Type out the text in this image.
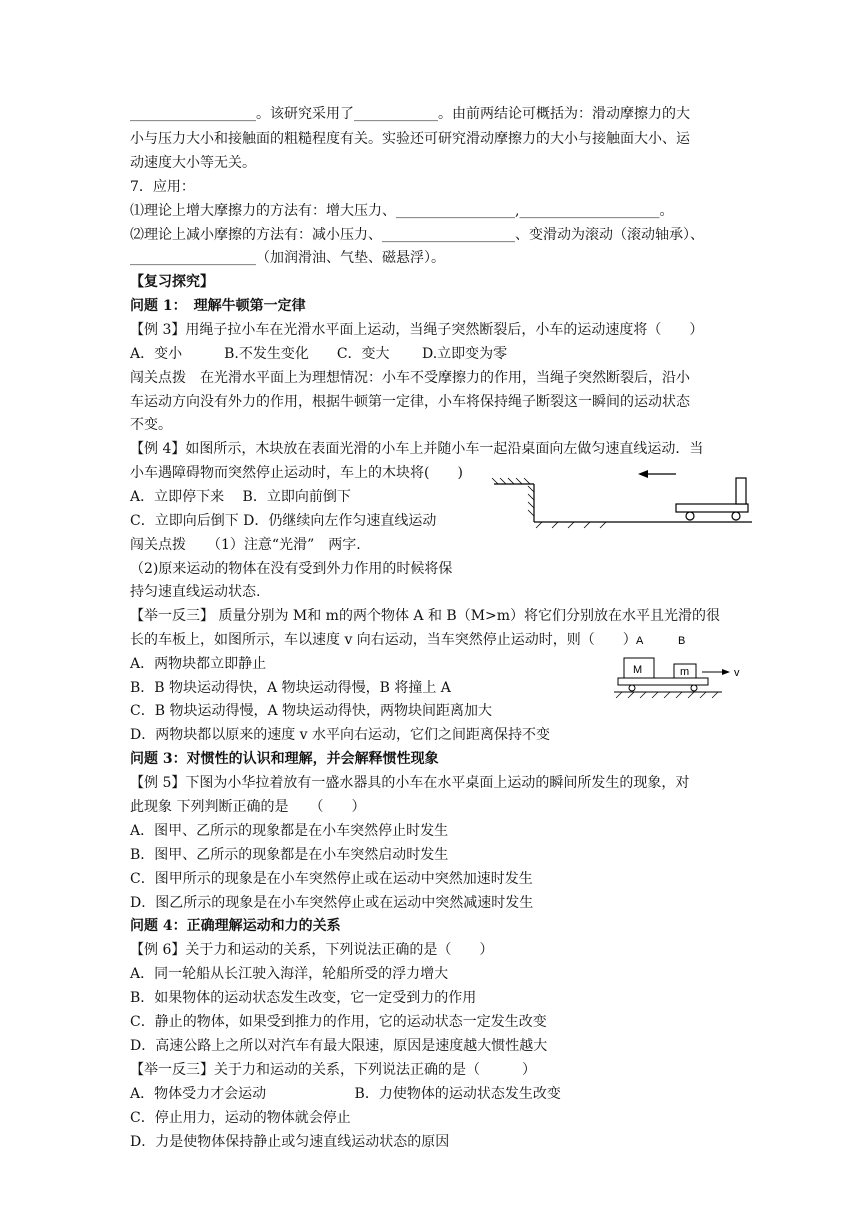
__________________。该研究采用了____________。由前两结论可概括为：滑动摩擦力的大
小与压力大小和接触面的粗糙程度有关。实验还可研究滑动摩擦力的大小与接触面大小、运
动速度大小等无关。
7．应用：
⑴理论上增大摩擦力的方法有：增大压力、_________________,____________________。
⑵理论上减小摩擦的方法有：减小压力、___________________、变滑动为滚动（滚动轴承）、
__________________（加润滑油、气垫、磁悬浮）。
【复习探究】
问题 1：　理解牛顿第一定律
【例 3】用绳子拉小车在光滑水平面上运动，当绳子突然断裂后，小车的运动速度将（　　）
A．变小　　　B.不发生变化　　C．变大　　 D.立即变为零
闯关点拨　在光滑水平面上为理想情况：小车不受摩擦力的作用，当绳子突然断裂后，沿小
车运动方向没有外力的作用，根据牛顿第一定律，小车将保持绳子断裂这一瞬间的运动状态
不变。
【例 4】如图所示，木块放在表面光滑的小车上并随小车一起沿桌面向左做匀速直线运动．当
小车遇障碍物而突然停止运动时，车上的木块将(　　)
A．立即停下来　 B．立即向前倒下
C．立即向后倒下 D．仍继续向左作匀速直线运动
闯关点拨　　（1）注意“光滑”　两字.
（2)原来运动的物体在没有受到外力作用的时候将保
持匀速直线运动状态.
【举一反三】 质量分别为 M和 m的两个物体 A 和 B（M>m）将它们分别放在水平且光滑的很
长的车板上，如图所示，车以速度 v 向右运动，当车突然停止运动时，则（　　）
A．两物块都立即静止
B．B 物块运动得快，A 物块运动得慢，B 将撞上 A
C．B 物块运动得慢，A 物块运动得快，两物块间距离加大
D．两物块都以原来的速度 v 水平向右运动，它们之间距离保持不变
问题 3：对惯性的认识和理解，并会解释惯性现象
【例 5】下图为小华拉着放有一盛水器具的小车在水平桌面上运动的瞬间所发生的现象，对
此现象 下列判断正确的是　　（　　）
A．图甲、乙所示的现象都是在小车突然停止时发生
B．图甲、乙所示的现象都是在小车突然启动时发生
C．图甲所示的现象是在小车突然停止或在运动中突然加速时发生
D．图乙所示的现象是在小车突然停止或在运动中突然减速时发生
问题 4：正确理解运动和力的关系
【例 6】关于力和运动的关系，下列说法正确的是（　　）
A．同一轮船从长江驶入海洋，轮船所受的浮力增大
B．如果物体的运动状态发生改变，它一定受到力的作用
C．静止的物体，如果受到推力的作用，它的运动状态一定发生改变
D．高速公路上之所以对汽车有最大限速，原因是速度越大惯性越大
【举一反三】关于力和运动的关系，下列说法正确的是（　　　）
A．物体受力才会运动　　　　　　 B．力使物体的运动状态发生改变
C．停止用力，运动的物体就会停止
D．力是使物体保持静止或匀速直线运动状态的原因
A	B
M	m	v
